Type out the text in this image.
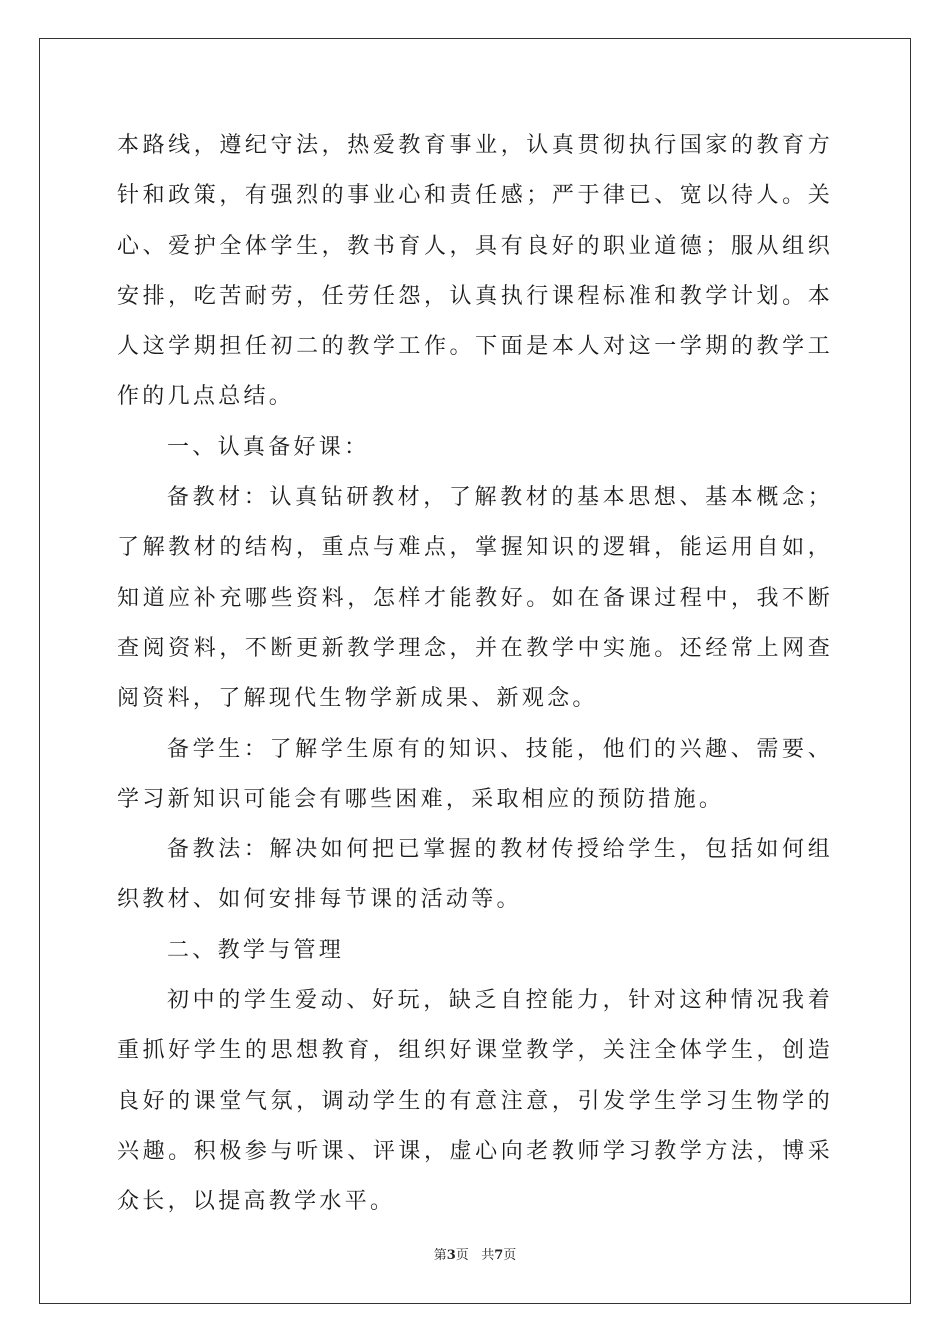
本路线，遵纪守法，热爱教育事业，认真贯彻执行国家的教育方针和政策，有强烈的事业心和责任感；严于律已、宽以待人。关心、爱护全体学生，教书育人，具有良好的职业道德；服从组织安排，吃苦耐劳，任劳任怨，认真执行课程标准和教学计划。本人这学期担任初二的教学工作。下面是本人对这一学期的教学工作的几点总结。

一、认真备好课：

备教材：认真钻研教材，了解教材的基本思想、基本概念；了解教材的结构，重点与难点，掌握知识的逻辑，能运用自如，知道应补充哪些资料，怎样才能教好。如在备课过程中，我不断查阅资料，不断更新教学理念，并在教学中实施。还经常上网查阅资料，了解现代生物学新成果、新观念。

备学生：了解学生原有的知识、技能，他们的兴趣、需要、学习新知识可能会有哪些困难，采取相应的预防措施。

备教法：解决如何把已掌握的教材传授给学生，包括如何组织教材、如何安排每节课的活动等。

二、教学与管理

初中的学生爱动、好玩，缺乏自控能力，针对这种情况我着重抓好学生的思想教育，组织好课堂教学，关注全体学生，创造良好的课堂气氛，调动学生的有意注意，引发学生学习生物学的兴趣。积极参与听课、评课，虚心向老教师学习教学方法，博采众长，以提高教学水平。

第3页 共7页
